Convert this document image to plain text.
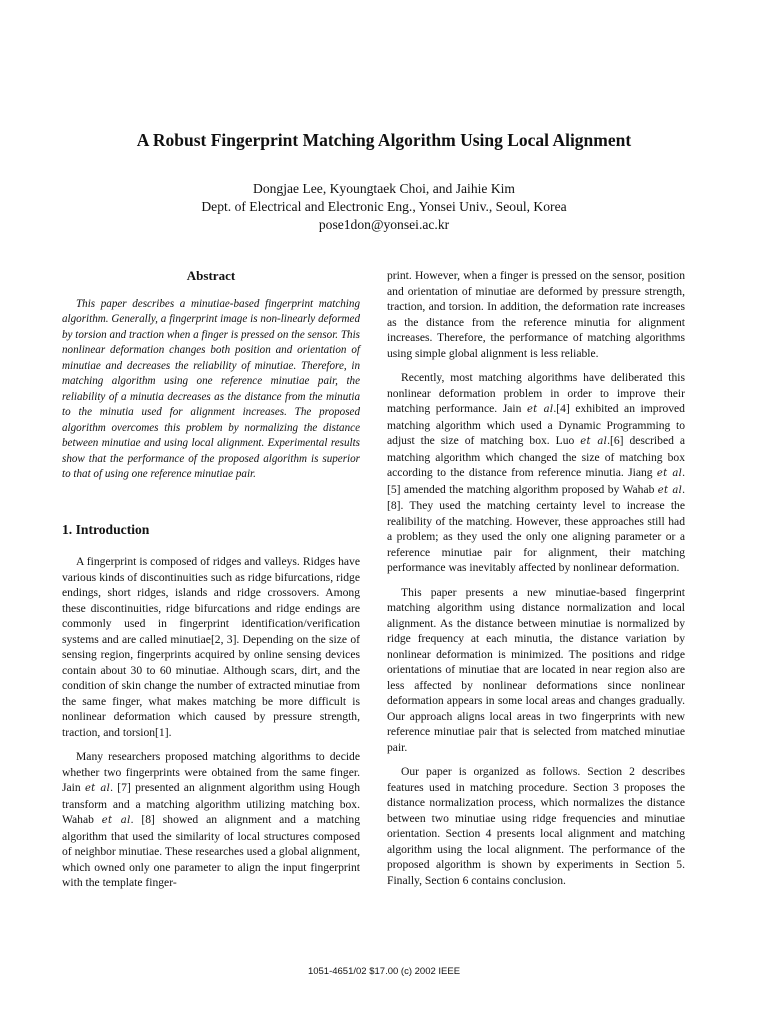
A Robust Fingerprint Matching Algorithm Using Local Alignment
Dongjae Lee, Kyoungtaek Choi, and Jaihie Kim
Dept. of Electrical and Electronic Eng., Yonsei Univ., Seoul, Korea
pose1don@yonsei.ac.kr
Abstract

This paper describes a minutiae-based fingerprint matching algorithm. Generally, a fingerprint image is non-linearly deformed by torsion and traction when a finger is pressed on the sensor. This nonlinear deformation changes both position and orientation of minutiae and decreases the reliability of minutiae. Therefore, in matching algorithm using one reference minutiae pair, the reliability of a minutia decreases as the distance from the minutia to the minutia used for alignment increases. The proposed algorithm overcomes this problem by normalizing the distance between minutiae and using local alignment. Experimental results show that the performance of the proposed algorithm is superior to that of using one reference minutiae pair.

1. Introduction

A fingerprint is composed of ridges and valleys. Ridges have various kinds of discontinuities such as ridge bifurcations, ridge endings, short ridges, islands and ridge crossovers. Among these discontinuities, ridge bifurcations and ridge endings are commonly used in fingerprint identification/verification systems and are called minutiae[2, 3]. Depending on the size of sensing region, fingerprints acquired by online sensing devices contain about 30 to 60 minutiae. Although scars, dirt, and the condition of skin change the number of extracted minutiae from the same finger, what makes matching be more difficult is nonlinear deformation which caused by pressure strength, traction, and torsion[1].

Many researchers proposed matching algorithms to decide whether two fingerprints were obtained from the same finger. Jain et al. [7] presented an alignment algorithm using Hough transform and a matching algorithm utilizing matching box. Wahab et al. [8] showed an alignment and a matching algorithm that used the similarity of local structures composed of neighbor minutiae. These researches used a global alignment, which owned only one parameter to align the input fingerprint with the template finger-

print. However, when a finger is pressed on the sensor, position and orientation of minutiae are deformed by pressure strength, traction, and torsion. In addition, the deformation rate increases as the distance from the reference minutia for alignment increases. Therefore, the performance of matching algorithms using simple global alignment is less reliable.

Recently, most matching algorithms have deliberated this nonlinear deformation problem in order to improve their matching performance. Jain et al.[4] exhibited an improved matching algorithm which used a Dynamic Programming to adjust the size of matching box. Luo et al.[6] described a matching algorithm which changed the size of matching box according to the distance from reference minutia. Jiang et al. [5] amended the matching algorithm proposed by Wahab et al. [8]. They used the matching certainty level to increase the realibility of the matching. However, these approaches still had a problem; as they used the only one aligning parameter or a reference minutiae pair for alignment, their matching performance was inevitably affected by nonlinear deformation.

This paper presents a new minutiae-based fingerprint matching algorithm using distance normalization and local alignment. As the distance between minutiae is normalized by ridge frequency at each minutia, the distance variation by nonlinear deformation is minimized. The positions and ridge orientations of minutiae that are located in near region also are less affected by nonlinear deformations since nonlinear deformation appears in some local areas and changes gradually. Our approach aligns local areas in two fingerprints with new reference minutiae pair that is selected from matched minutiae pair.

Our paper is organized as follows. Section 2 describes features used in matching procedure. Section 3 proposes the distance normalization process, which normalizes the distance between two minutiae using ridge frequencies and minutiae orientation. Section 4 presents local alignment and matching algorithm using the local alignment. The performance of the proposed algorithm is shown by experiments in Section 5. Finally, Section 6 contains conclusion.

1051-4651/02 $17.00 (c) 2002 IEEE
